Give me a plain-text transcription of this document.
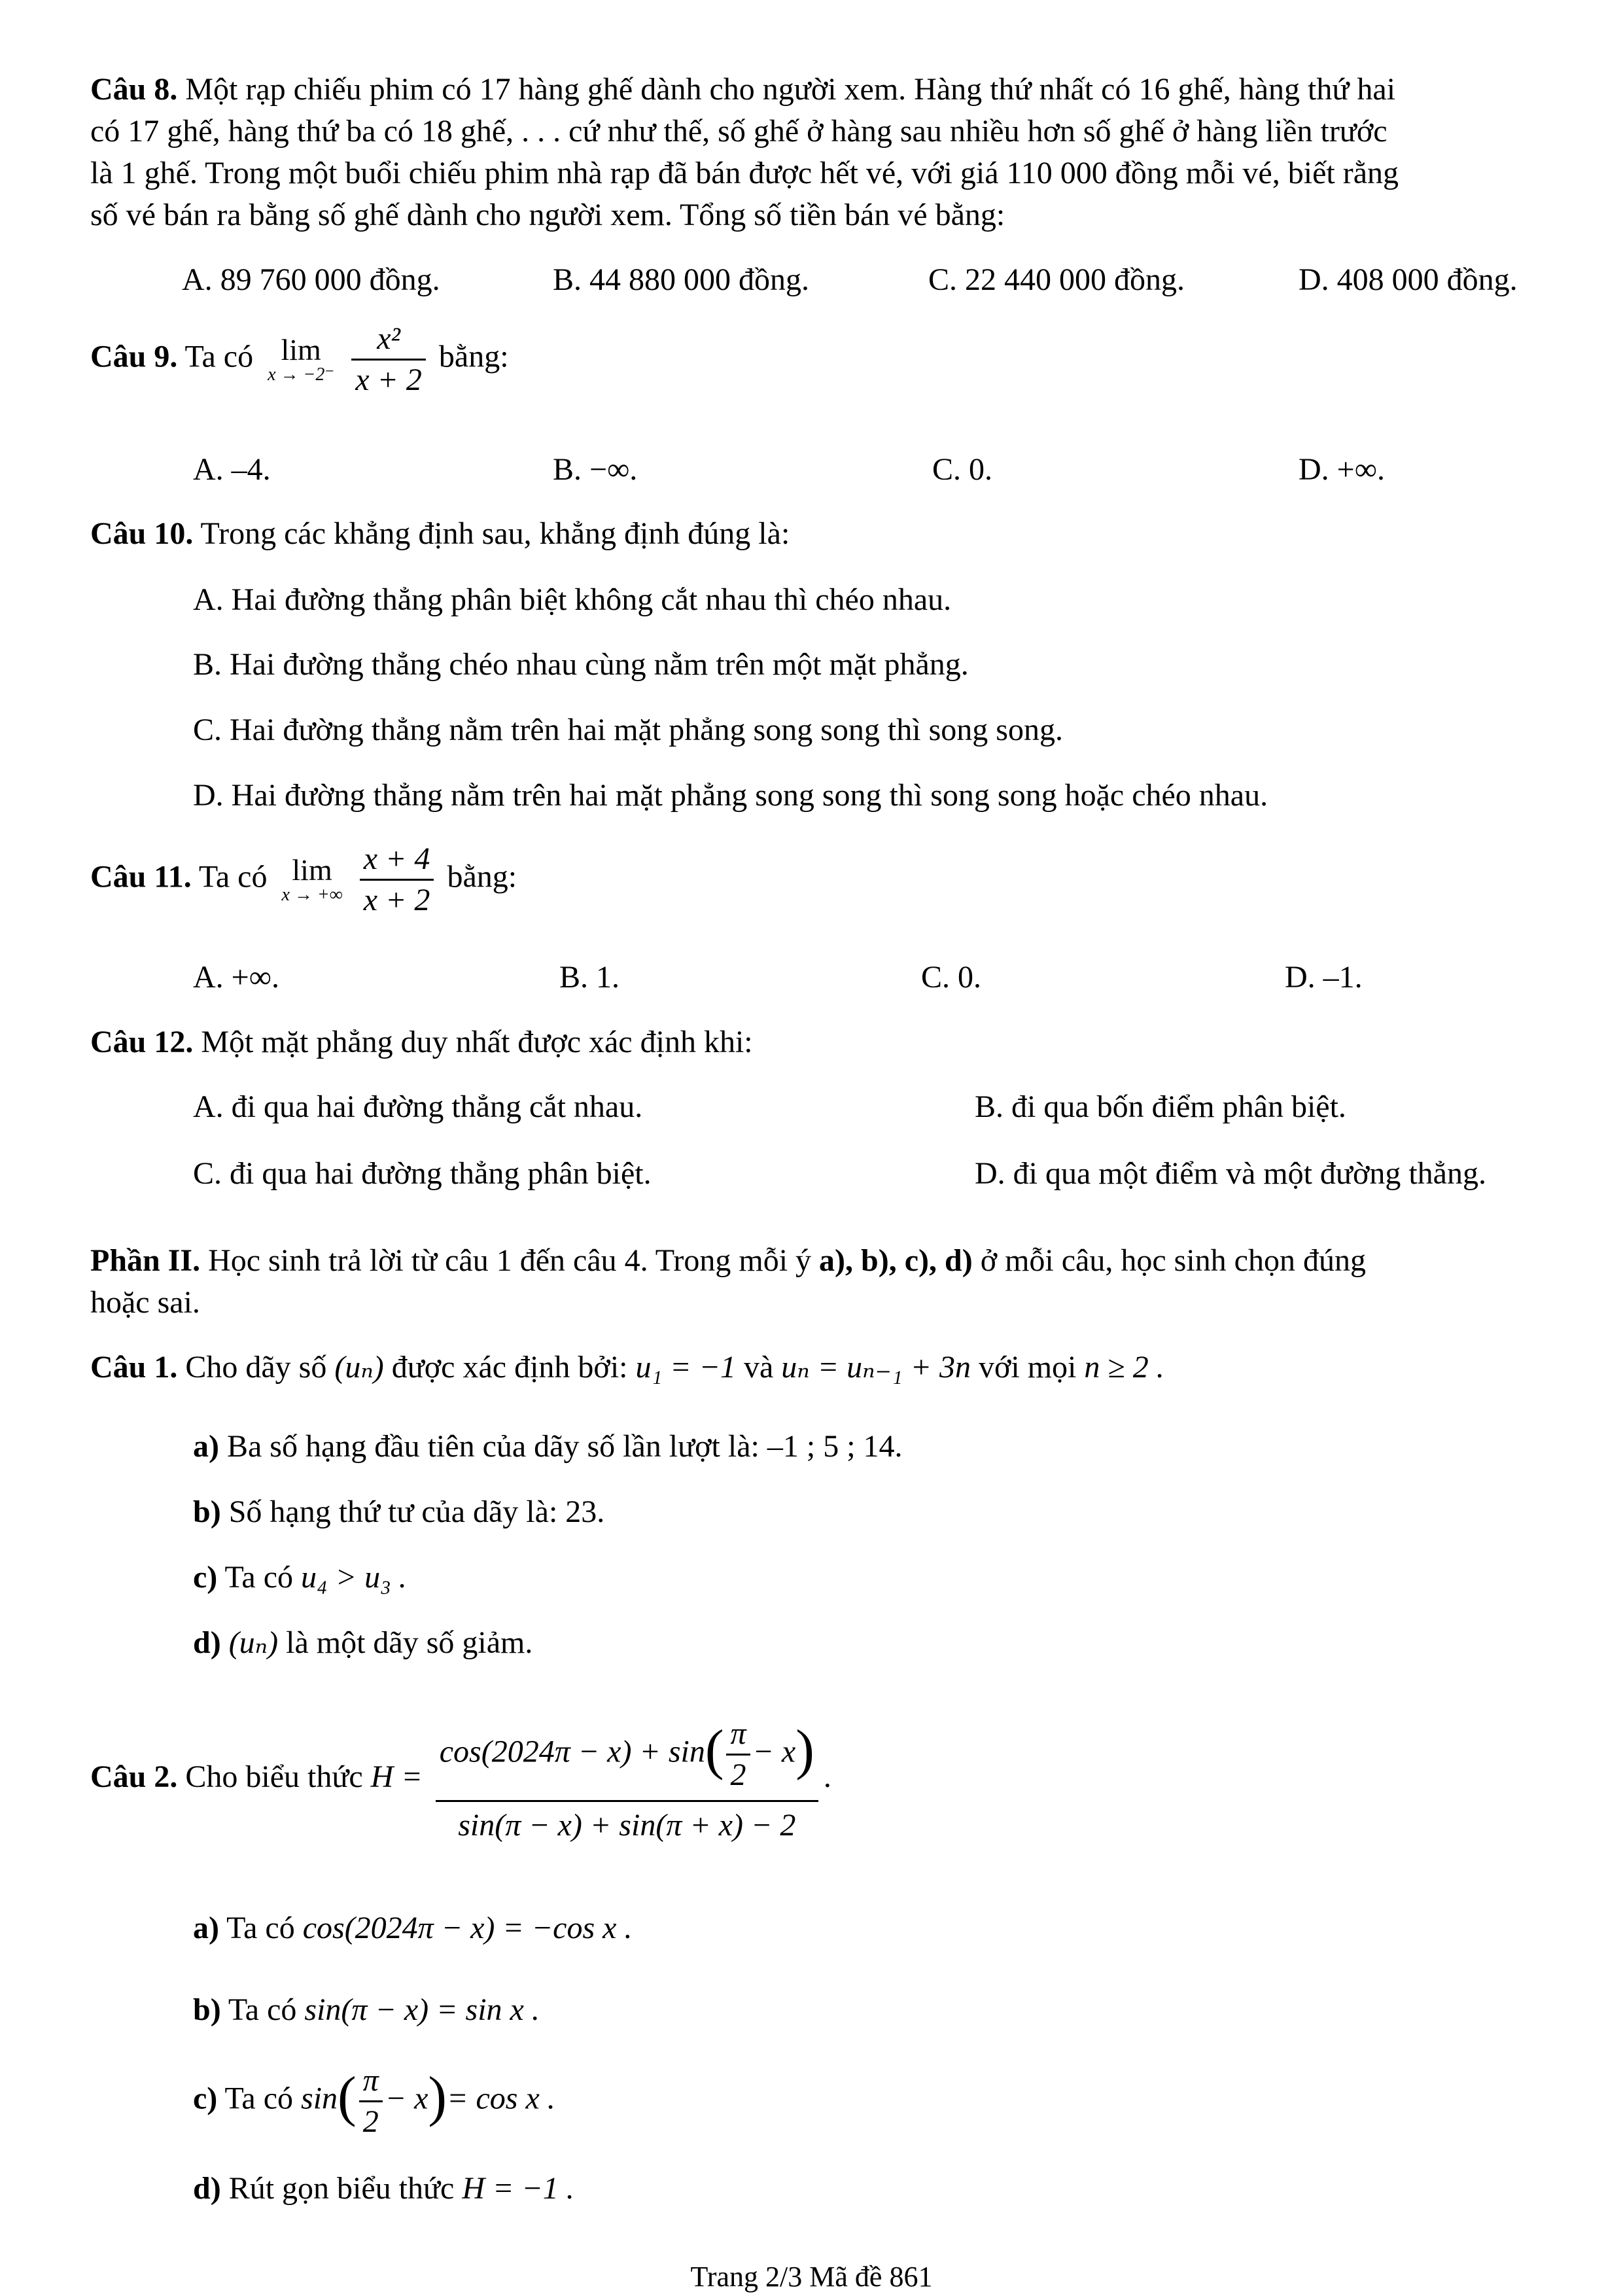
Câu 8. Một rạp chiếu phim có 17 hàng ghế dành cho người xem. Hàng thứ nhất có 16 ghế, hàng thứ hai
có 17 ghế, hàng thứ ba có 18 ghế, . . . cứ như thế, số ghế ở hàng sau nhiều hơn số ghế ở hàng liền trước
là 1 ghế. Trong một buổi chiếu phim nhà rạp đã bán được hết vé, với giá 110 000 đồng mỗi vé, biết rằng
số vé bán ra bằng số ghế dành cho người xem. Tổng số tiền bán vé bằng:
A. 89 760 000 đồng.	B. 44 880 000 đồng.	C. 22 440 000 đồng.	D. 408 000 đồng.
Câu 9. Ta có lim
x → −2⁻
$\frac{\text{x²}}{x + 2}$ bằng:
A. –4.	B. −∞.	C. 0.	D. +∞.
Câu 10. Trong các khẳng định sau, khẳng định đúng là:
A. Hai đường thẳng phân biệt không cắt nhau thì chéo nhau.
B. Hai đường thẳng chéo nhau cùng nằm trên một mặt phẳng.
C. Hai đường thẳng nằm trên hai mặt phẳng song song thì song song.
D. Hai đường thẳng nằm trên hai mặt phẳng song song thì song song hoặc chéo nhau.
Câu 11. Ta có lim
x → +∞
$\frac{x + 4}{x + 2}$ bằng:
A. +∞.	B. 1.	C. 0.	D. –1.
Câu 12. Một mặt phẳng duy nhất được xác định khi:
A. đi qua hai đường thẳng cắt nhau.	B. đi qua bốn điểm phân biệt.
C. đi qua hai đường thẳng phân biệt.	D. đi qua một điểm và một đường thẳng.
Phần II. Học sinh trả lời từ câu 1 đến câu 4. Trong mỗi ý a), b), c), d) ở mỗi câu, học sinh chọn đúng
hoặc sai.
Câu 1. Cho dãy số (uₙ) được xác định bởi: u₁ = −1 và uₙ = uₙ₋₁ + 3n với mọi n ≥ 2 .
a) Ba số hạng đầu tiên của dãy số lần lượt là: –1 ; 5 ; 14.
b) Số hạng thứ tư của dãy là: 23.
c) Ta có u₄ > u₃ .
d) (uₙ) là một dãy số giảm.
Câu 2. Cho biểu thức $H = \frac{\cos(2024\pi - x) + \sin( \frac{\pi}{2} - x)}{\sin(\pi - x) + \sin(\pi + x) - 2}$ .
a) Ta có cos(2024π − x) = −cos x .
b) Ta có sin(π − x) = sin x .
c) Ta có $\sin( \frac{\pi}{2} - x)= \cos x$ .
d) Rút gọn biểu thức H = −1 .
Trang 2/3 Mã đề 861
